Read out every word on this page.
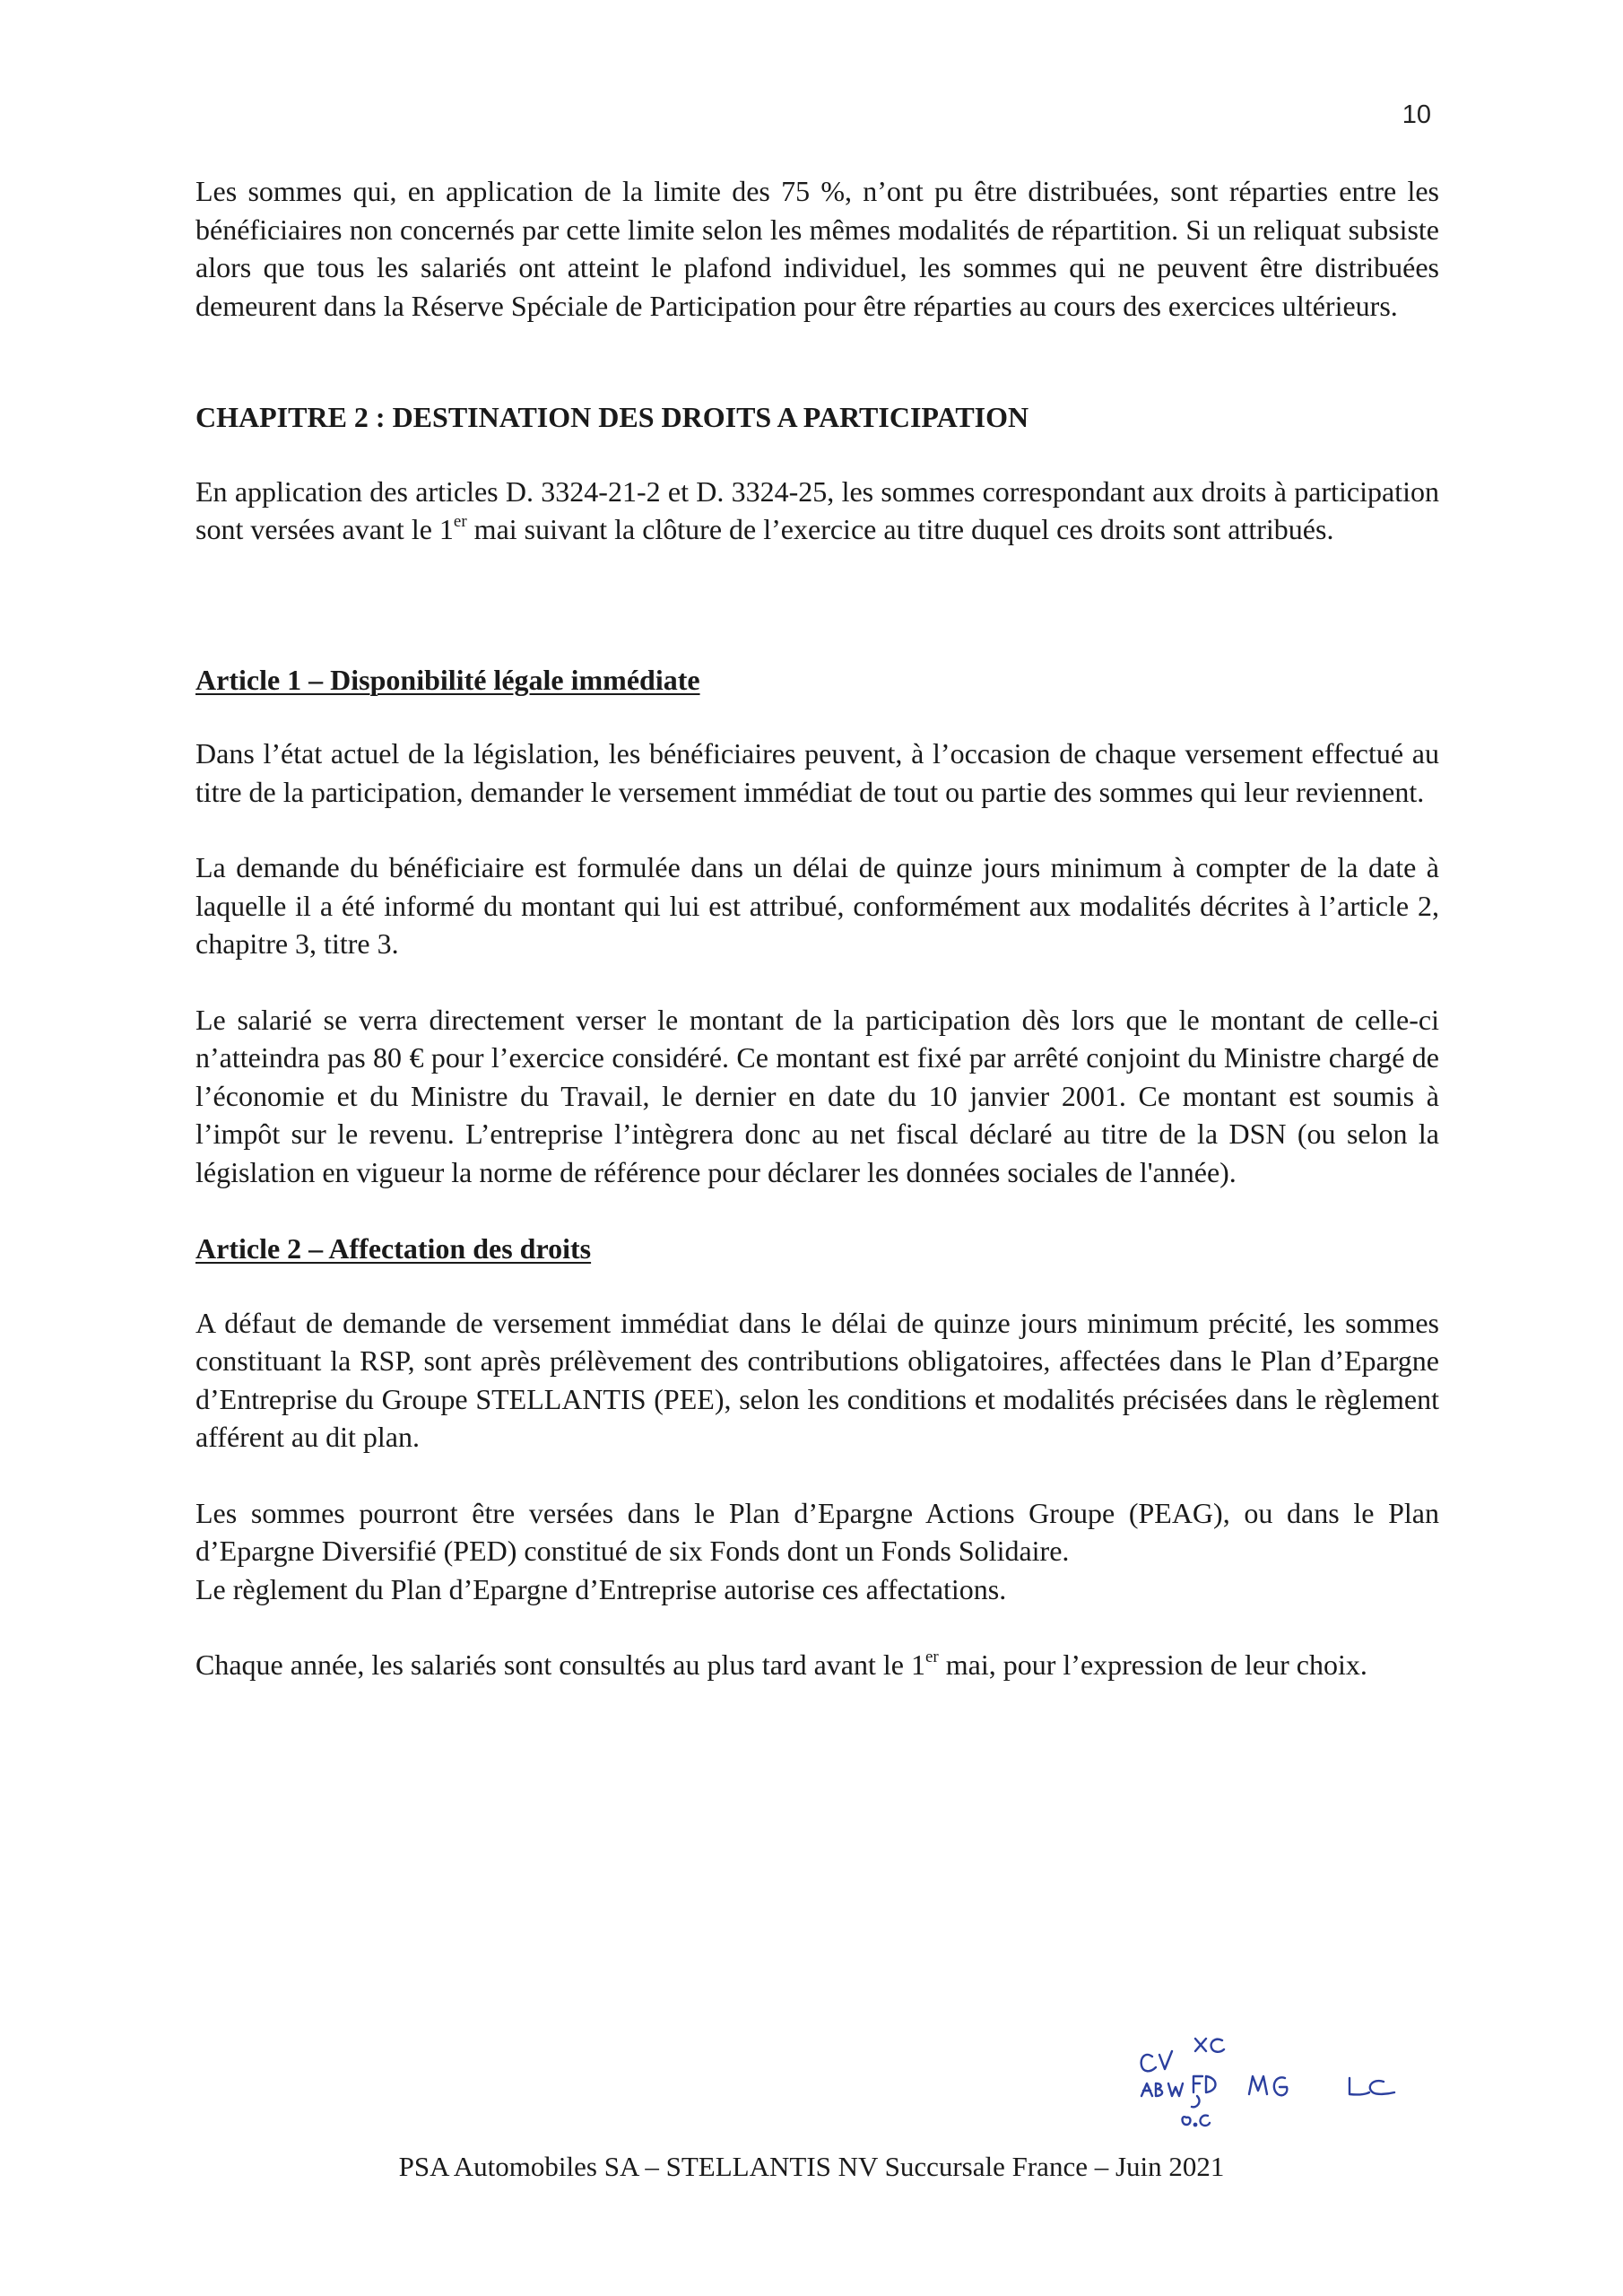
10

Les sommes qui, en application de la limite des 75 %, n’ont pu être distribuées, sont réparties entre les bénéficiaires non concernés par cette limite selon les mêmes modalités de répartition. Si un reliquat subsiste alors que tous les salariés ont atteint le plafond individuel, les sommes qui ne peuvent être distribuées demeurent dans la Réserve Spéciale de Participation pour être réparties au cours des exercices ultérieurs.

CHAPITRE 2 : DESTINATION DES DROITS A PARTICIPATION

En application des articles D. 3324-21-2 et D. 3324-25, les sommes correspondant aux droits à participation sont versées avant le 1er mai suivant la clôture de l’exercice au titre duquel ces droits sont attribués.

Article 1 – Disponibilité légale immédiate

Dans l’état actuel de la législation, les bénéficiaires peuvent, à l’occasion de chaque versement effectué au titre de la participation, demander le versement immédiat de tout ou partie des sommes qui leur reviennent.

La demande du bénéficiaire est formulée dans un délai de quinze jours minimum à compter de la date à laquelle il a été informé du montant qui lui est attribué, conformément aux modalités décrites à l’article 2, chapitre 3, titre 3.

Le salarié se verra directement verser le montant de la participation dès lors que le montant de celle-ci n’atteindra pas 80 € pour l’exercice considéré. Ce montant est fixé par arrêté conjoint du Ministre chargé de l’économie et du Ministre du Travail, le dernier en date du 10 janvier 2001. Ce montant est soumis à l’impôt sur le revenu. L’entreprise l’intègrera donc au net fiscal déclaré au titre de la DSN (ou selon la législation en vigueur la norme de référence pour déclarer les données sociales de l'année).

Article 2 – Affectation des droits

A défaut de demande de versement immédiat dans le délai de quinze jours minimum précité, les sommes constituant la RSP, sont après prélèvement des contributions obligatoires, affectées dans le Plan d’Epargne d’Entreprise du Groupe STELLANTIS (PEE), selon les conditions et modalités précisées dans le règlement afférent au dit plan.

Les sommes pourront être versées dans le Plan d’Epargne Actions Groupe (PEAG), ou dans le Plan d’Epargne Diversifié (PED) constitué de six Fonds dont un Fonds Solidaire.

Le règlement du Plan d’Epargne d’Entreprise autorise ces affectations.

Chaque année, les salariés sont consultés au plus tard avant le 1er mai, pour l’expression de leur choix.

PSA Automobiles SA – STELLANTIS NV Succursale France – Juin 2021
